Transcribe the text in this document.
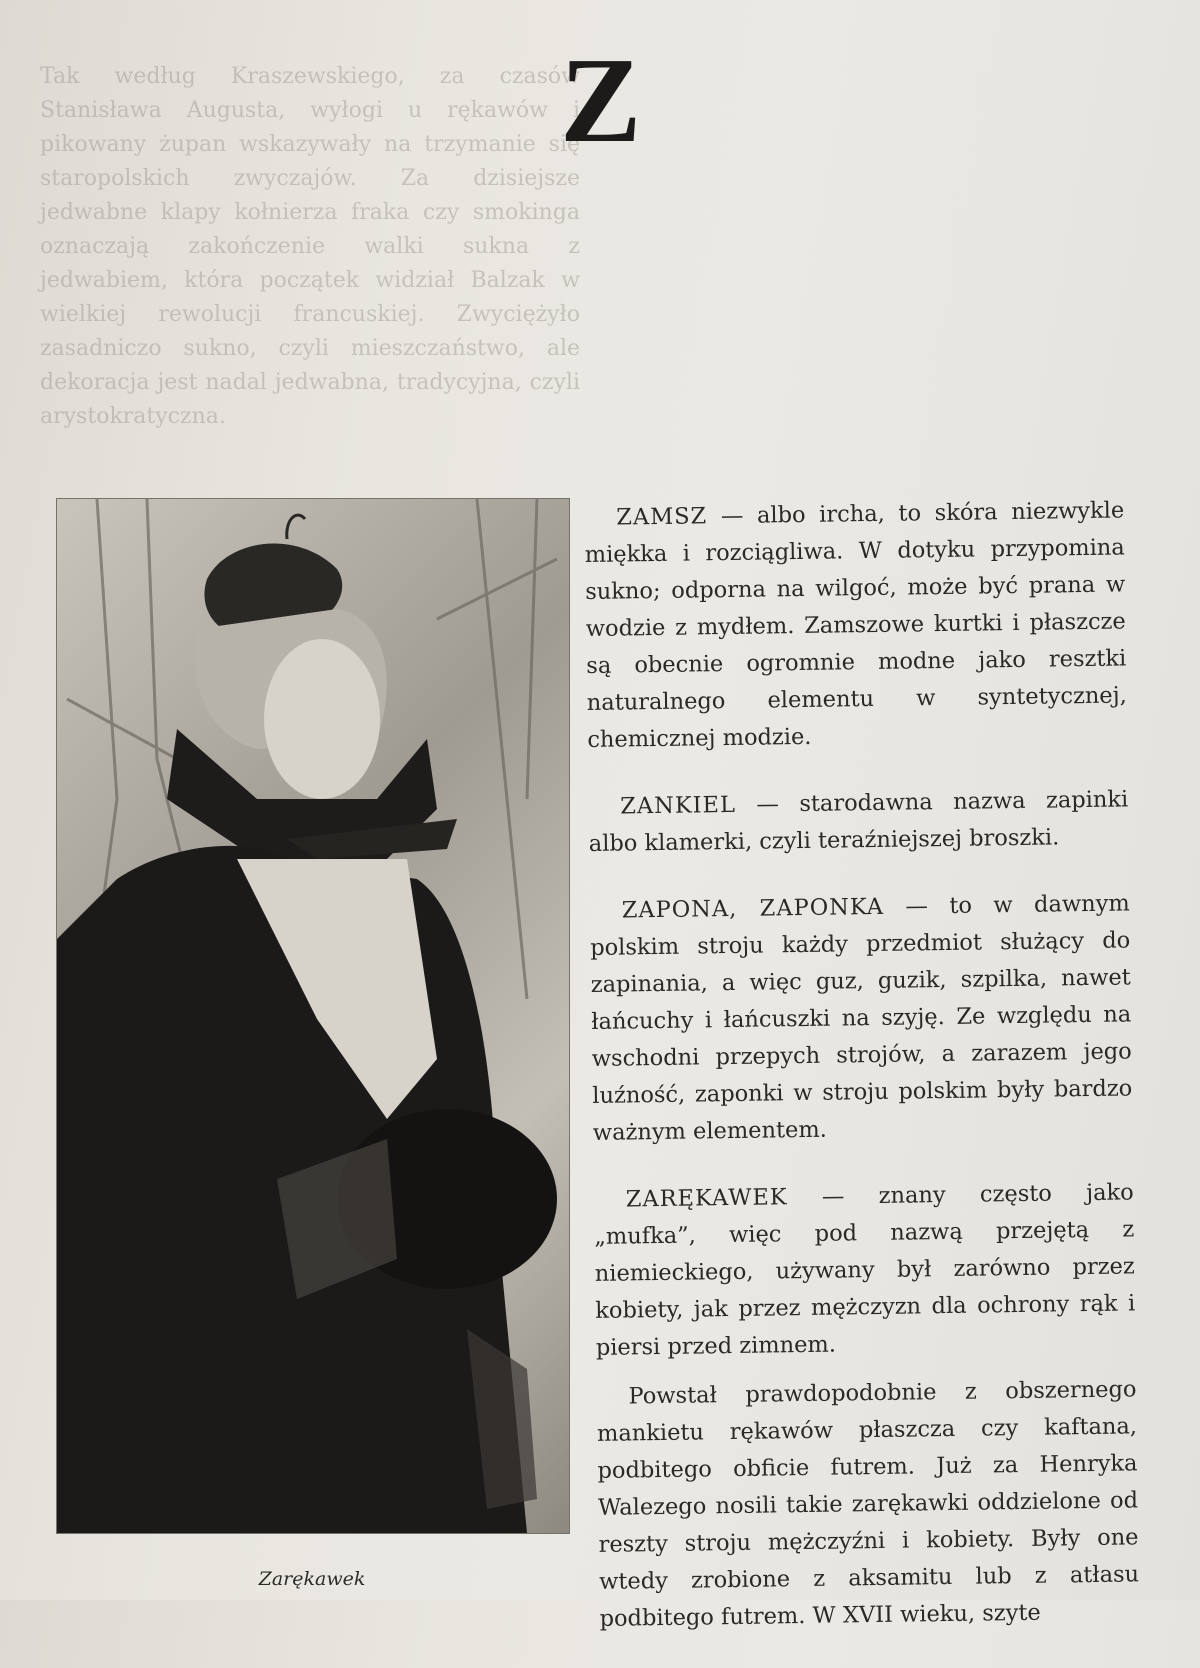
Tak według Kraszewskiego, za czasów Stanisława Augusta, wyłogi u rękawów i pikowany żupan wskazywały na trzymanie się staropolskich zwyczajów. Za dzisiejsze jedwabne klapy kołnierza fraka czy smokinga oznaczają zakończenie walki sukna z jedwabiem, która początek widział Balzak w wielkiej rewolucji francuskiej. Zwyciężyło zasadniczo sukno, czyli mieszczaństwo, ale dekoracja jest nadal jedwabna, tradycyjna, czyli arystokratyczna.
Z
Zarękawek

ZAMSZ — albo ircha, to skóra niezwykle miękka i rozciągliwa. W dotyku przypomina sukno; odporna na wilgoć, może być prana w wodzie z mydłem. Zamszowe kurtki i płaszcze są obecnie ogromnie modne jako resztki naturalnego elementu w syntetycznej, chemicznej modzie.

ZANKIEL — starodawna nazwa zapinki albo klamerki, czyli teraźniejszej broszki.

ZAPONA, ZAPONKA — to w dawnym polskim stroju każdy przedmiot służący do zapinania, a więc guz, guzik, szpilka, nawet łańcuchy i łańcuszki na szyję. Ze względu na wschodni przepych strojów, a zarazem jego luźność, zaponki w stroju polskim były bardzo ważnym elementem.

ZARĘKAWEK — znany często jako „mufka”, więc pod nazwą przejętą z niemieckiego, używany był zarówno przez kobiety, jak przez mężczyzn dla ochrony rąk i piersi przed zimnem.

Powstał prawdopodobnie z obszernego mankietu rękawów płaszcza czy kaftana, podbitego obficie futrem. Już za Henryka Walezego nosili takie zarękawki oddzielone od reszty stroju mężczyźni i kobiety. Były one wtedy zrobione z aksamitu lub z atłasu podbitego futrem. W XVII wieku, szyte
